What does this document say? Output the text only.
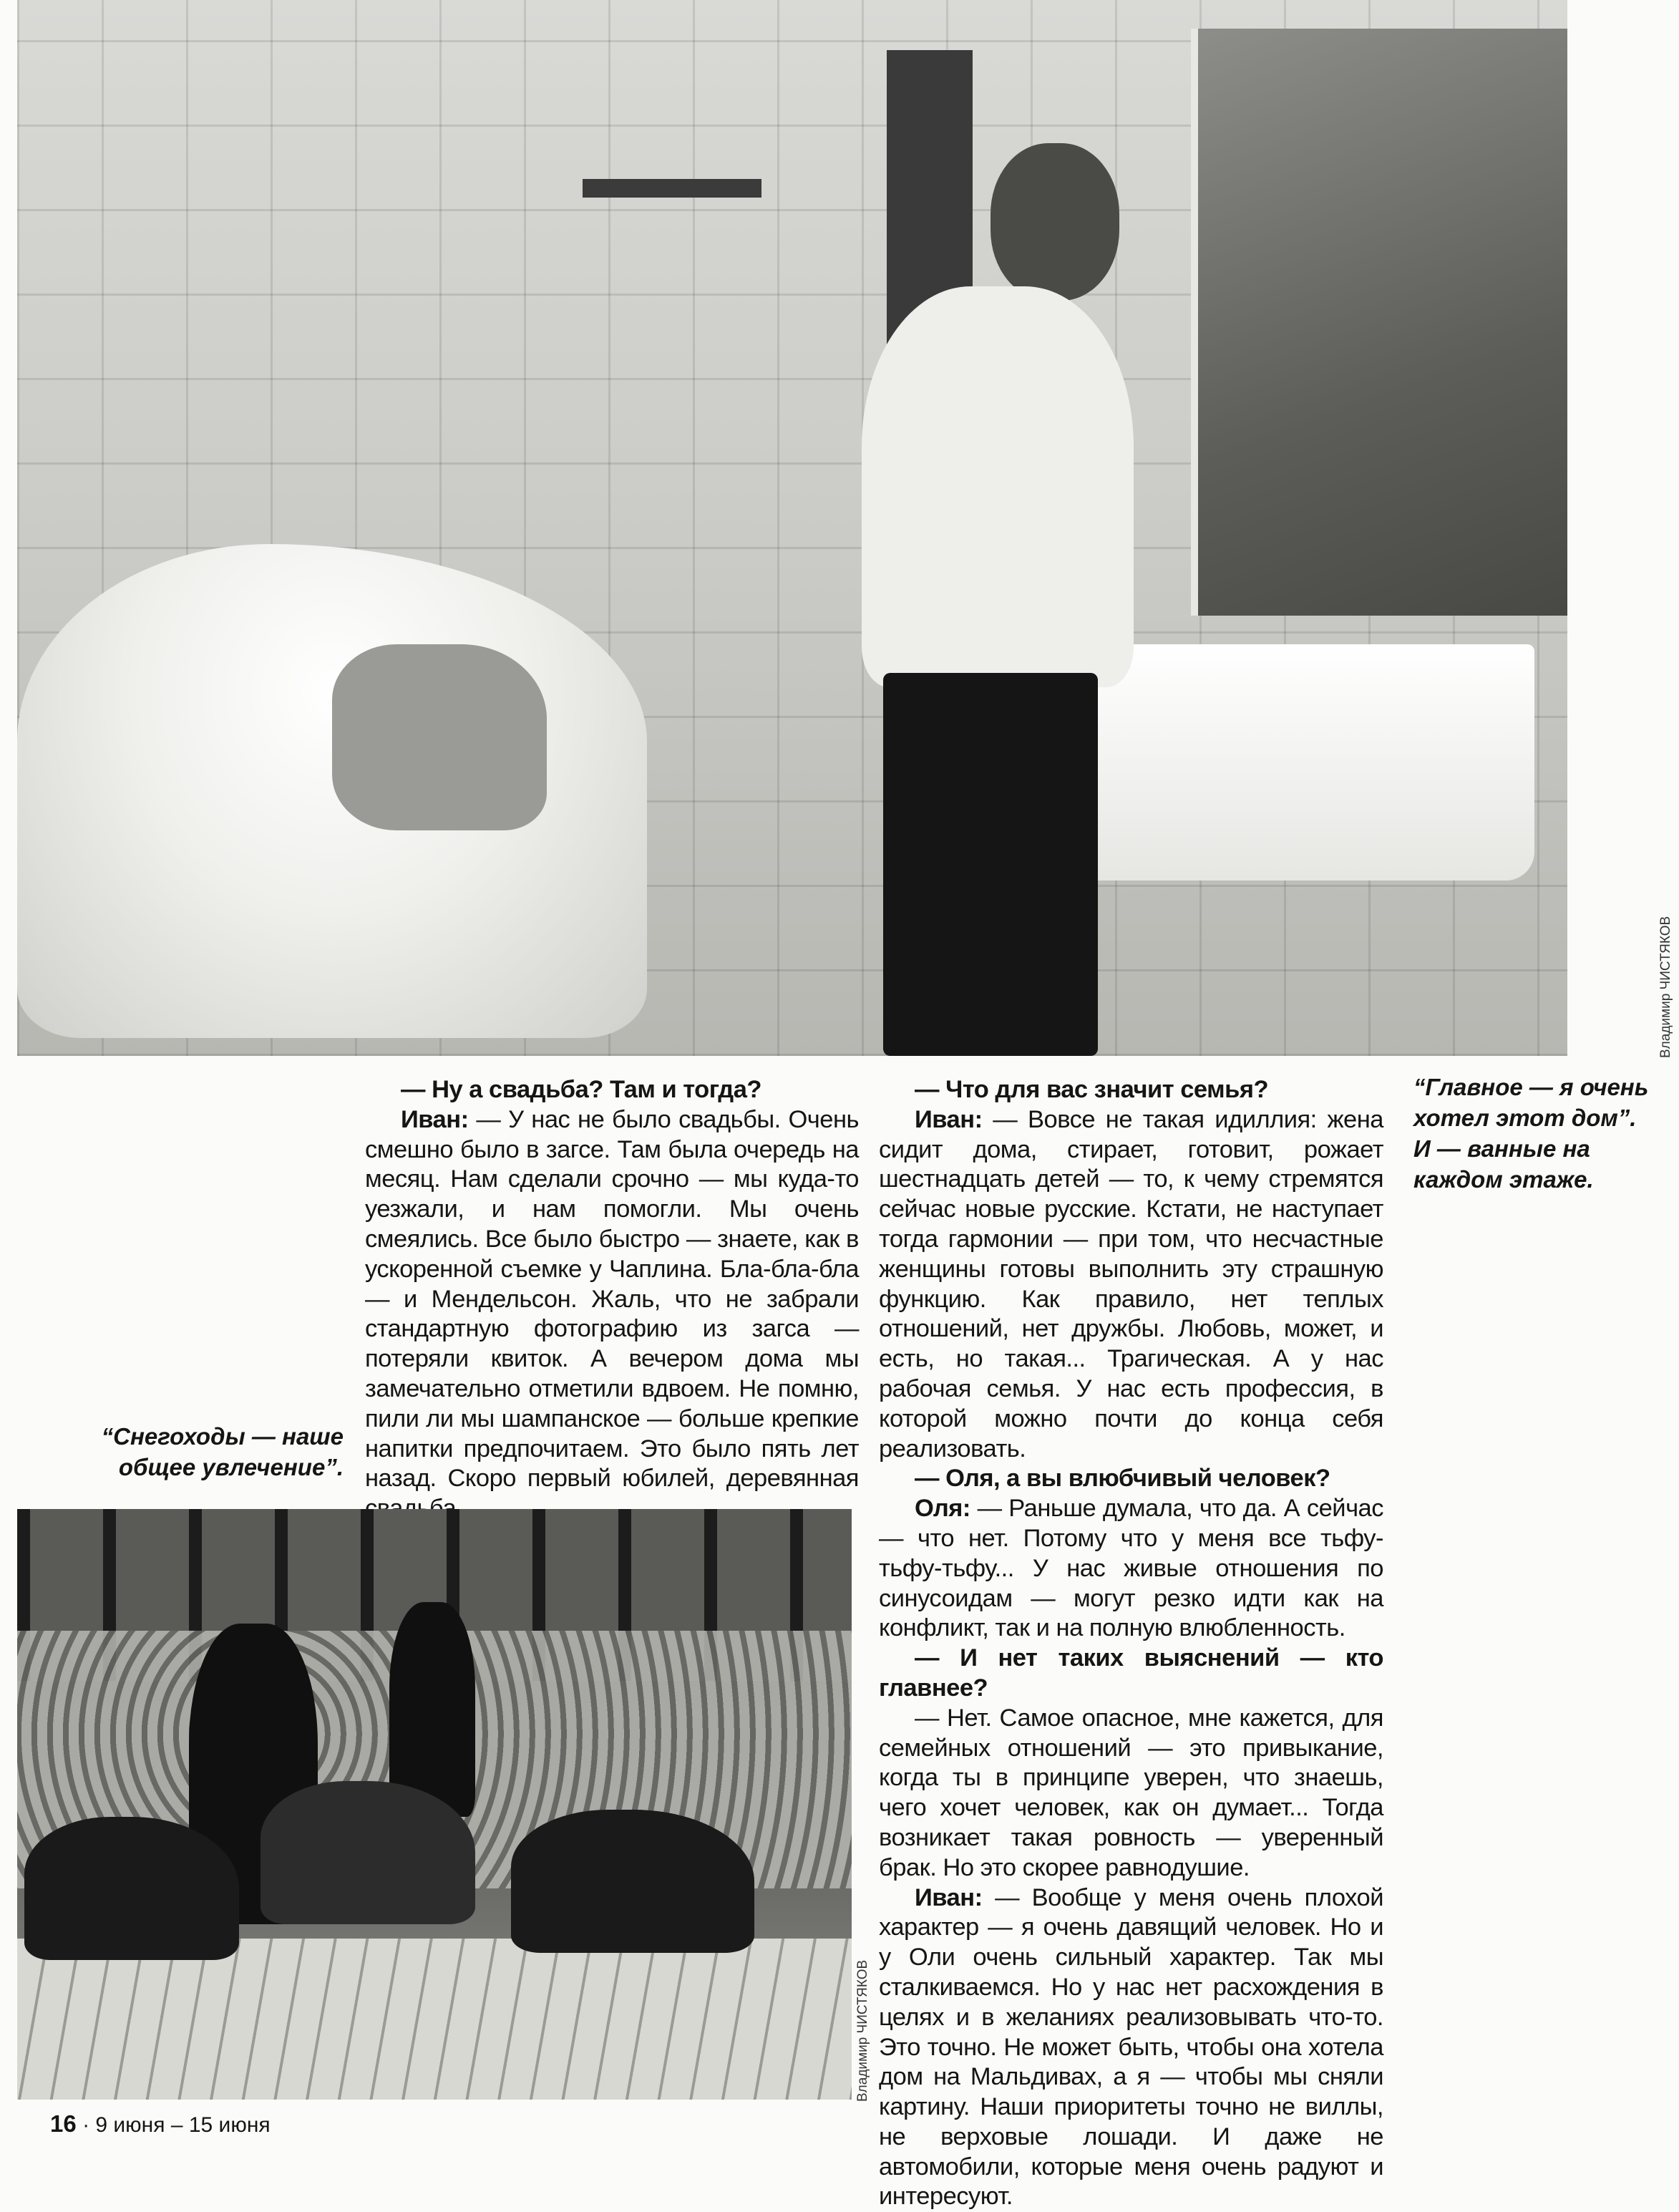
Владимир ЧИСТЯКОВ

“Главное — я очень

хотел этот дом”.

И — ванные на

каждом этаже.

“Снегоходы — наше

общее увлечение”.

— Ну а свадьба? Там и тогда?

Иван: — У нас не было свадьбы. Очень смешно было в загсе. Там была очередь на месяц. Нам сделали срочно — мы куда-то уезжали, и нам помогли. Мы очень смеялись. Все было быстро — знаете, как в ускоренной съемке у Чаплина. Бла-бла-бла — и Мендельсон. Жаль, что не забрали стандартную фотографию из загса — потеряли квиток. А вечером дома мы замечательно отметили вдвоем. Не помню, пили ли мы шампанское — больше крепкие напитки предпочитаем. Это было пять лет назад. Скоро первый юбилей, деревянная

— Что для вас значит семья?

Иван: — Вовсе не такая идиллия: жена сидит дома, стирает, готовит, рожает шестнадцать детей — то, к чему стремятся сейчас новые русские. Кстати, не наступает тогда гармонии — при том, что несчастные женщины готовы выполнить эту страшную функцию. Как правило, нет теплых отношений, нет дружбы. Любовь, может, и есть, но такая... Трагическая. А у нас рабочая семья. У нас есть профессия, в которой можно почти до конца себя реализовать.

— Оля, а вы влюбчивый человек?

Оля: — Раньше думала, что да. А сейчас — что нет. Потому что у меня все тьфу-тьфу-тьфу... У нас живые отношения по синусоидам — могут резко идти как на конфликт, так и на полную влюбленность.

— И нет таких выяснений — кто главнее?

— Нет. Самое опасное, мне кажется, для семейных отношений — это привыкание, когда ты в принципе уверен, что знаешь, чего хочет человек, как он думает... Тогда возникает такая ровность — уверенный брак. Но это скорее равнодушие.

Иван: — Вообще у меня очень плохой характер — я очень давящий человек. Но и у Оли очень сильный характер. Так мы сталкиваемся. Но у нас нет расхождения в целях и в желаниях реализовывать что-то. Это точно. Не может быть, чтобы она хотела дом на Мальдивах, а я — чтобы мы сняли картину. Наши приоритеты точно не виллы, не верховые лошади. И даже не автомобили, которые меня очень радуют и интересуют.

Владимир ЧИСТЯКОВ
16 · 9 июня – 15 июня
